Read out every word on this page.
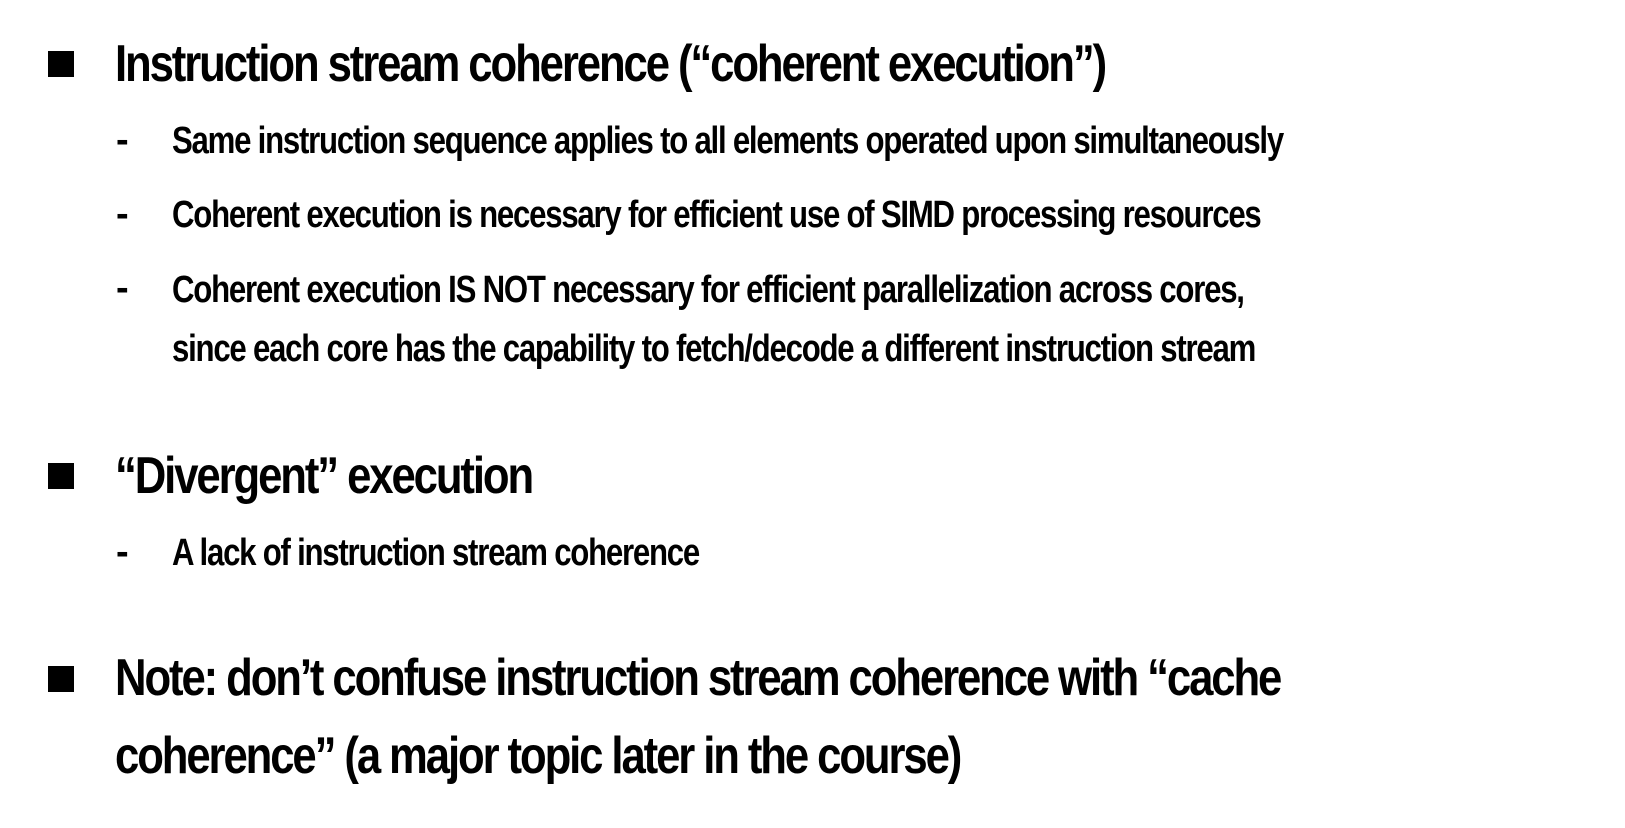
Instruction stream coherence (“coherent execution”)
- Same instruction sequence applies to all elements operated upon simultaneously
- Coherent execution is necessary for efficient use of SIMD processing resources
- Coherent execution IS NOT necessary for efficient parallelization across cores,
since each core has the capability to fetch/decode a different instruction stream
“Divergent” execution
- A lack of instruction stream coherence
Note: don’t confuse instruction stream coherence with “cache
coherence” (a major topic later in the course)
